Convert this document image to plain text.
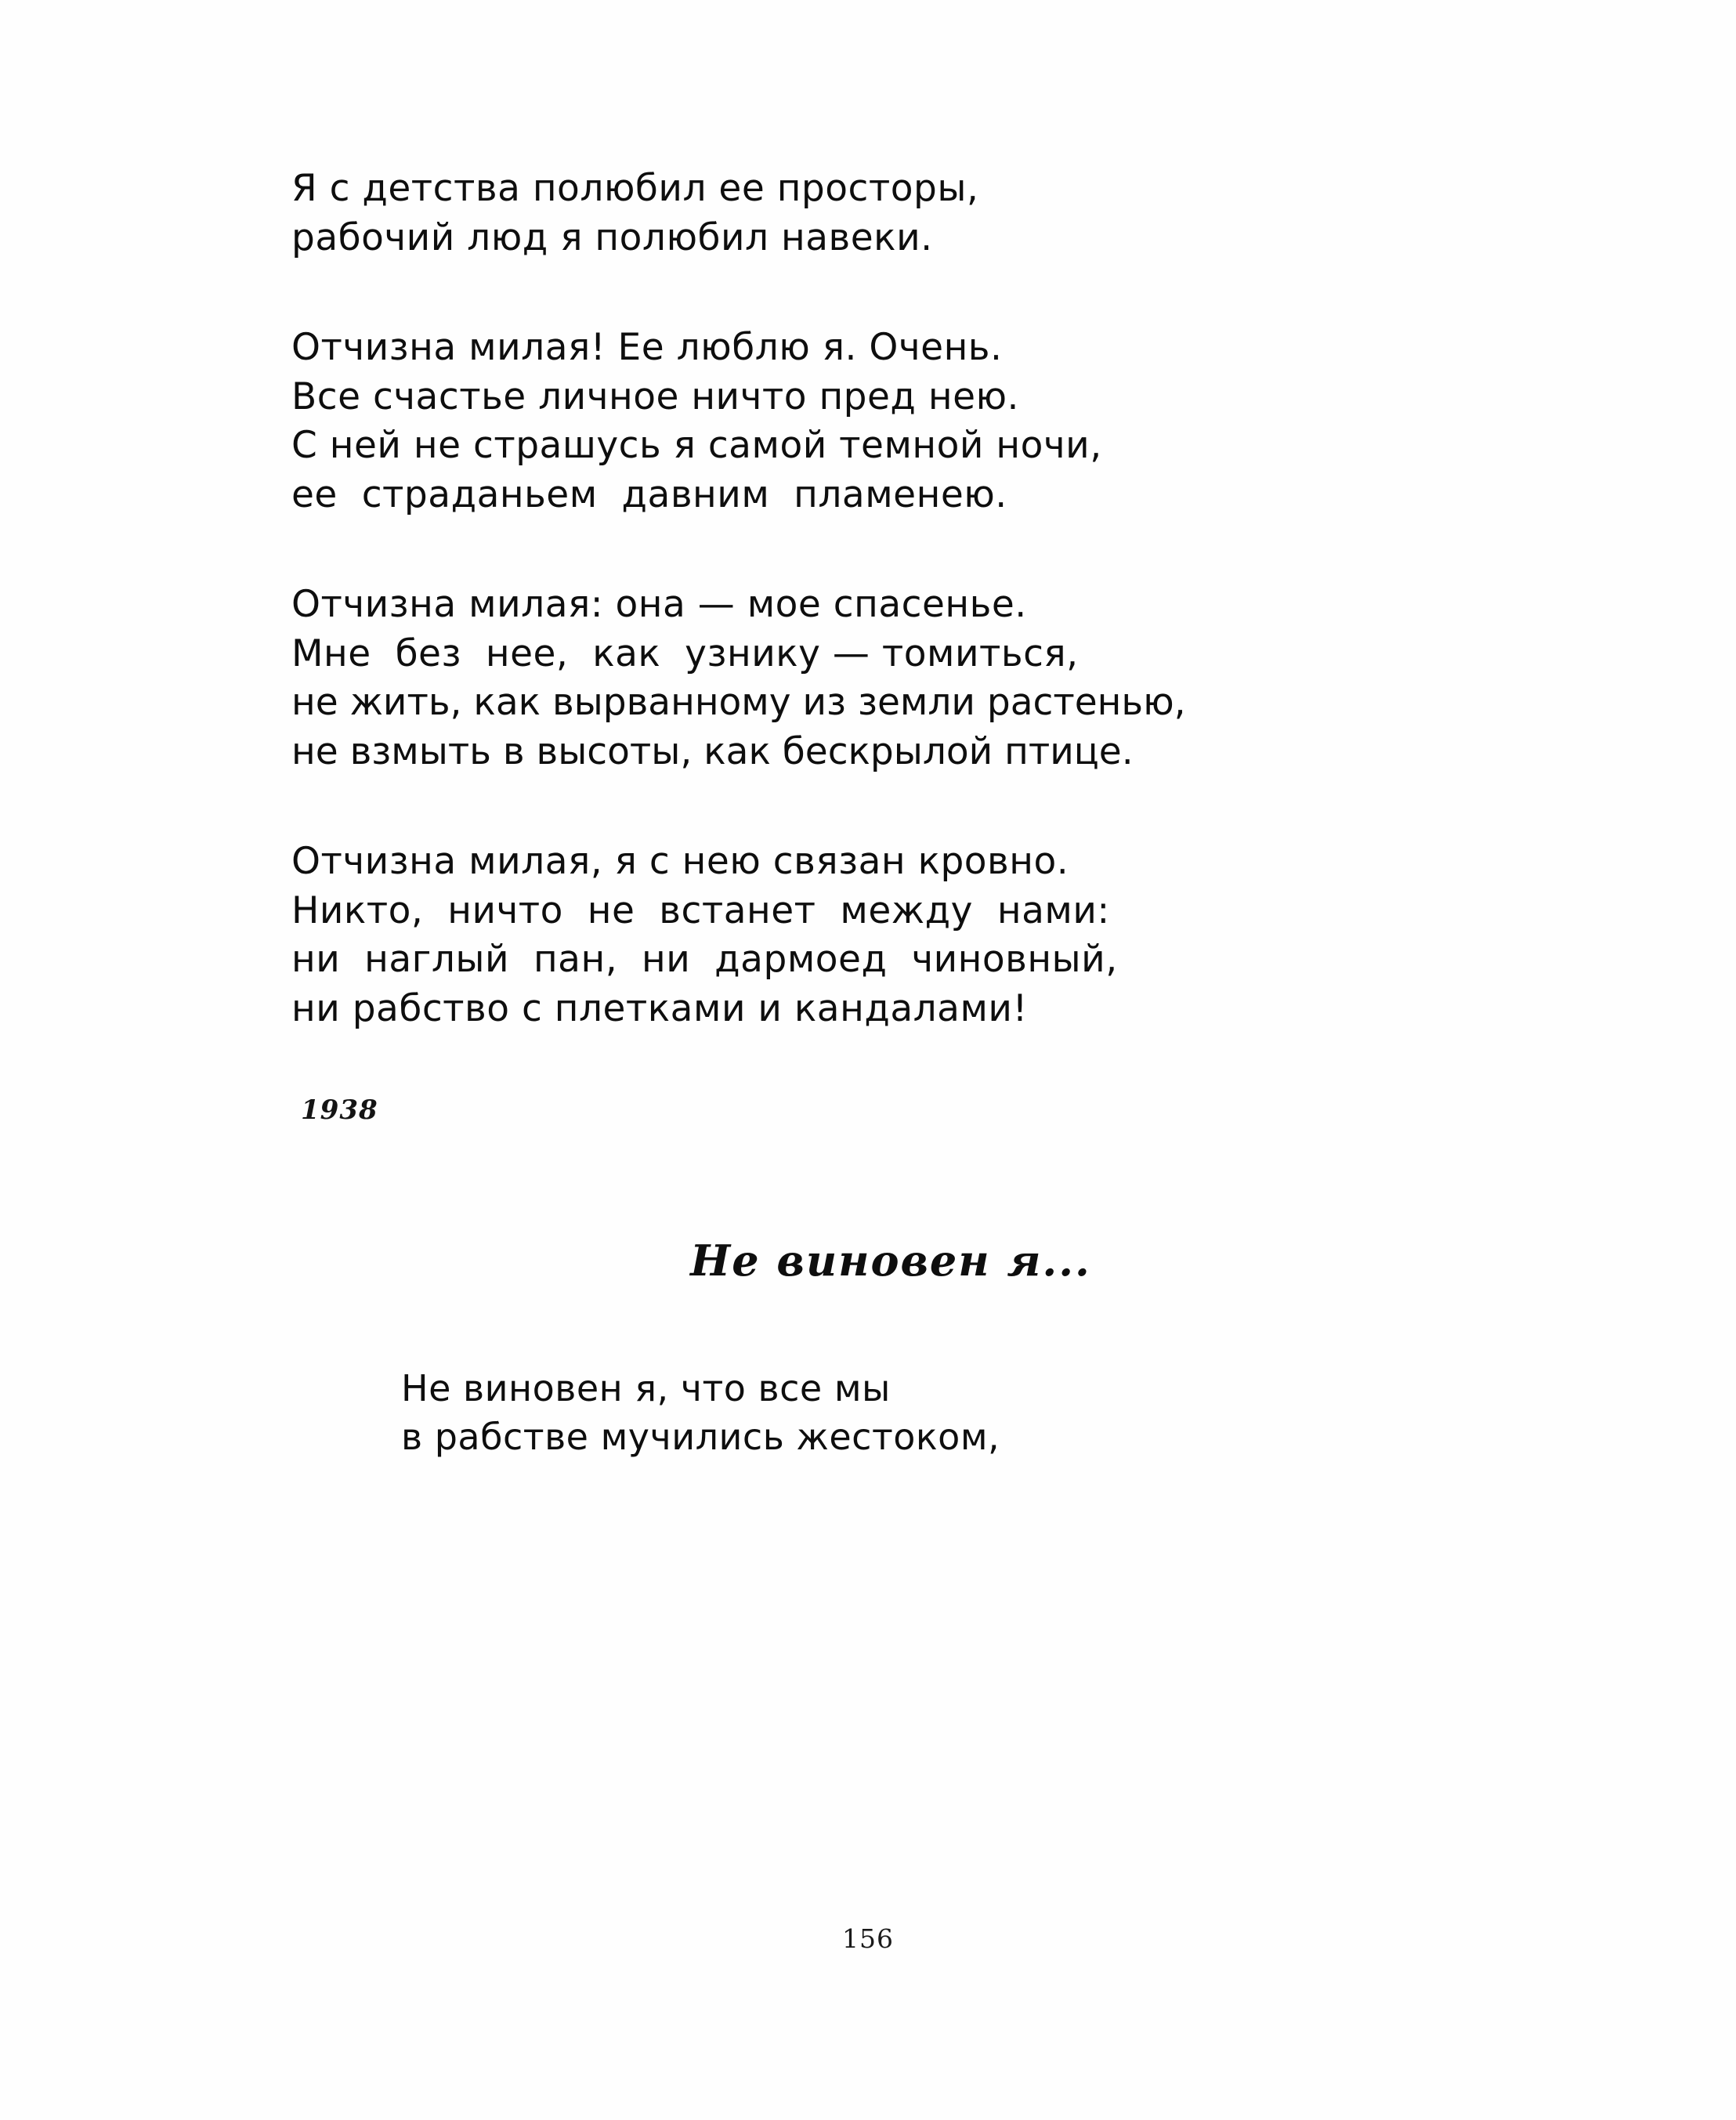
Я с детства полюбил ее просторы,
рабочий люд я полюбил навеки.
Отчизна милая! Ее люблю я. Очень.
Все счастье личное ничто пред нею.
С ней не страшусь я самой темной ночи,
ее  страданьем  давним  пламенею.
Отчизна милая: она — мое спасенье.
Мне  без  нее,  как  узнику — томиться,
не жить, как вырванному из земли растенью,
не взмыть в высоты, как бескрылой птице.
Отчизна милая, я с нею связан кровно.
Никто,  ничто  не  встанет  между  нами:
ни  наглый  пан,  ни  дармоед  чиновный,
ни рабство с плетками и кандалами!
1938
Не виновен я...
Не виновен я, что все мы
в рабстве мучились жестоком,
156
